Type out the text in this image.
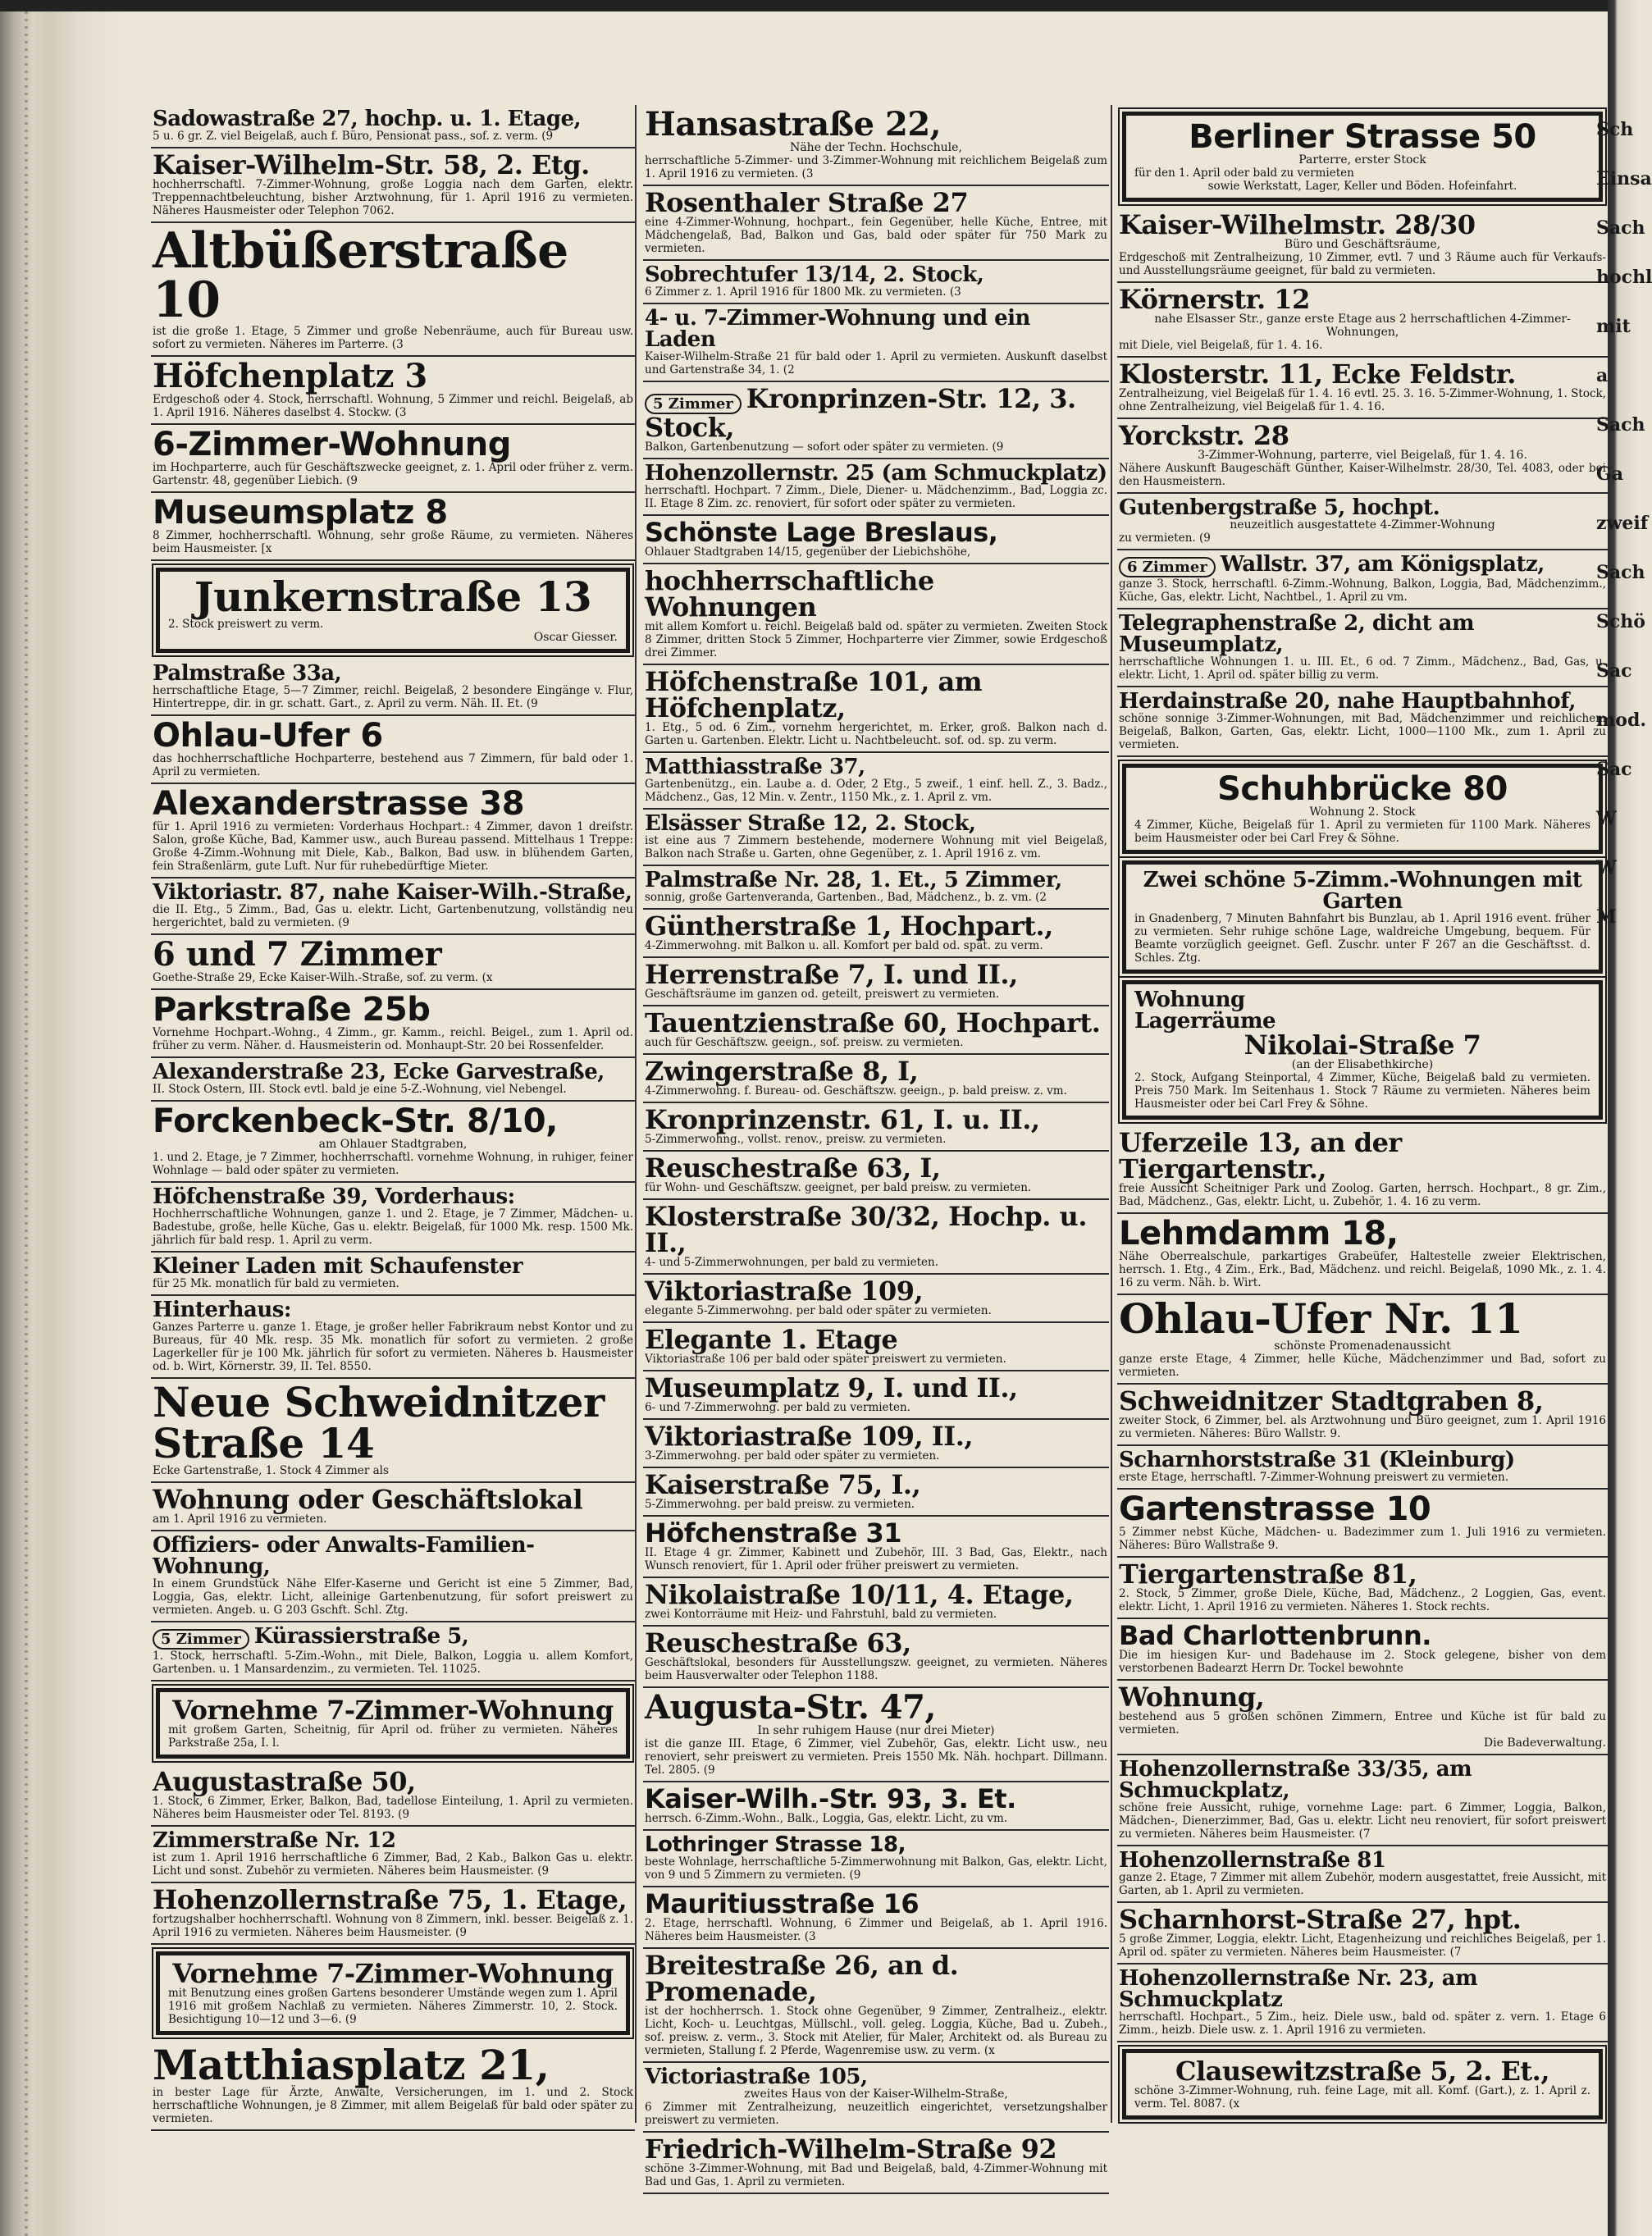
Sadowastraße 27, hochp. u. 1. Etage,
5 u. 6 gr. Z. viel Beigelaß, auch f. Büro, Pensionat pass., sof. z. verm. (9
Kaiser-Wilhelm-Str. 58, 2. Etg.
hochherrschaftl. 7-Zimmer-Wohnung, große Loggia nach dem Garten, elektr. Treppennachtbeleuchtung, bisher Arztwohnung, für 1. April 1916 zu vermieten. Näheres Hausmeister oder Telephon 7062.
Altbüßerstraße 10
ist die große 1. Etage, 5 Zimmer und große Nebenräume, auch für Bureau usw. sofort zu vermieten. Näheres im Parterre. (3
Höfchenplatz 3
Erdgeschoß oder 4. Stock, herrschaftl. Wohnung, 5 Zimmer und reichl. Beigelaß, ab 1. April 1916. Näheres daselbst 4. Stockw. (3
6-Zimmer-Wohnung
im Hochparterre, auch für Geschäftszwecke geeignet, z. 1. April oder früher z. verm. Gartenstr. 48, gegenüber Liebich. (9
Museumsplatz 8
8 Zimmer, hochherrschaftl. Wohnung, sehr große Räume, zu vermieten. Näheres beim Hausmeister. [x
Junkernstraße 13
2. Stock preiswert zu verm.
Oscar Giesser.
Palmstraße 33a,
herrschaftliche Etage, 5—7 Zimmer, reichl. Beigelaß, 2 besondere Eingänge v. Flur, Hintertreppe, dir. in gr. schatt. Gart., z. April zu verm. Näh. II. Et. (9
Ohlau-Ufer 6
das hochherrschaftliche Hochparterre, bestehend aus 7 Zimmern, für bald oder 1. April zu vermieten.
Alexanderstrasse 38
für 1. April 1916 zu vermieten: Vorderhaus Hochpart.: 4 Zimmer, davon 1 dreifstr. Salon, große Küche, Bad, Kammer usw., auch Bureau passend. Mittelhaus 1 Treppe: Große 4-Zimm.-Wohnung mit Diele, Kab., Balkon, Bad usw. in blühendem Garten, fein Straßenlärm, gute Luft. Nur für ruhebedürftige Mieter.
Viktoriastr. 87, nahe Kaiser-Wilh.-Straße,
die II. Etg., 5 Zimm., Bad, Gas u. elektr. Licht, Gartenbenutzung, vollständig neu hergerichtet, bald zu vermieten. (9
6 und 7 Zimmer
Goethe-Straße 29, Ecke Kaiser-Wilh.-Straße, sof. zu verm. (x
Parkstraße 25b
Vornehme Hochpart.-Wohng., 4 Zimm., gr. Kamm., reichl. Beigel., zum 1. April od. früher zu verm. Näher. d. Hausmeisterin od. Monhaupt-Str. 20 bei Rossenfelder.
Alexanderstraße 23, Ecke Garvestraße,
II. Stock Ostern, III. Stock evtl. bald je eine 5-Z.-Wohnung, viel Nebengel.
Forckenbeck-Str. 8/10,
am Ohlauer Stadtgraben,
1. und 2. Etage, je 7 Zimmer, hochherrschaftl. vornehme Wohnung, in ruhiger, feiner Wohnlage — bald oder später zu vermieten.
Höfchenstraße 39, Vorderhaus:
Hochherrschaftliche Wohnungen, ganze 1. und 2. Etage, je 7 Zimmer, Mädchen- u. Badestube, große, helle Küche, Gas u. elektr. Beigelaß, für 1000 Mk. resp. 1500 Mk. jährlich für bald resp. 1. April zu verm.
Kleiner Laden mit Schaufenster
für 25 Mk. monatlich für bald zu vermieten.
Hinterhaus:
Ganzes Parterre u. ganze 1. Etage, je großer heller Fabrikraum nebst Kontor und zu Bureaus, für 40 Mk. resp. 35 Mk. monatlich für sofort zu vermieten. 2 große Lagerkeller für je 100 Mk. jährlich für sofort zu vermieten. Näheres b. Hausmeister od. b. Wirt, Körnerstr. 39, II. Tel. 8550.
Neue Schweidnitzer Straße 14
Ecke Gartenstraße, 1. Stock 4 Zimmer als
Wohnung oder Geschäftslokal
am 1. April 1916 zu vermieten.
Offiziers- oder Anwalts-Familien-Wohnung,
In einem Grundstück Nähe Elfer-Kaserne und Gericht ist eine 5 Zimmer, Bad, Loggia, Gas, elektr. Licht, alleinige Gartenbenutzung, für sofort preiswert zu vermieten. Angeb. u. G 203 Gschft. Schl. Ztg.
5 Zimmer Kürassierstraße 5,
1. Stock, herrschaftl. 5-Zim.-Wohn., mit Diele, Balkon, Loggia u. allem Komfort, Gartenben. u. 1 Mansardenzim., zu vermieten. Tel. 11025.
Vornehme 7-Zimmer-Wohnung
mit großem Garten, Scheitnig, für April od. früher zu vermieten. Näheres Parkstraße 25a, I. l.
Augustastraße 50,
1. Stock, 6 Zimmer, Erker, Balkon, Bad, tadellose Einteilung, 1. April zu vermieten. Näheres beim Hausmeister oder Tel. 8193. (9
Zimmerstraße Nr. 12
ist zum 1. April 1916 herrschaftliche 6 Zimmer, Bad, 2 Kab., Balkon Gas u. elektr. Licht und sonst. Zubehör zu vermieten. Näheres beim Hausmeister. (9
Hohenzollernstraße 75, 1. Etage,
fortzugshalber hochherrschaftl. Wohnung von 8 Zimmern, inkl. besser. Beigelaß z. 1. April 1916 zu vermieten. Näheres beim Hausmeister. (9
Vornehme 7-Zimmer-Wohnung
mit Benutzung eines großen Gartens besonderer Umstände wegen zum 1. April 1916 mit großem Nachlaß zu vermieten. Näheres Zimmerstr. 10, 2. Stock. Besichtigung 10—12 und 3—6. (9
Matthiasplatz 21,
in bester Lage für Ärzte, Anwälte, Versicherungen, im 1. und 2. Stock herrschaftliche Wohnungen, je 8 Zimmer, mit allem Beigelaß für bald oder später zu vermieten.
Hansastraße 22,
Nähe der Techn. Hochschule,
herrschaftliche 5-Zimmer- und 3-Zimmer-Wohnung mit reichlichem Beigelaß zum 1. April 1916 zu vermieten. (3
Rosenthaler Straße 27
eine 4-Zimmer-Wohnung, hochpart., fein Gegenüber, helle Küche, Entree, mit Mädchengelaß, Bad, Balkon und Gas, bald oder später für 750 Mark zu vermieten.
Sobrechtufer 13/14, 2. Stock,
6 Zimmer z. 1. April 1916 für 1800 Mk. zu vermieten. (3
4- u. 7-Zimmer-Wohnung und ein Laden
Kaiser-Wilhelm-Straße 21 für bald oder 1. April zu vermieten. Auskunft daselbst und Gartenstraße 34, 1. (2
5 Zimmer Kronprinzen-Str. 12, 3. Stock,
Balkon, Gartenbenutzung — sofort oder später zu vermieten. (9
Hohenzollernstr. 25 (am Schmuckplatz)
herrschaftl. Hochpart. 7 Zimm., Diele, Diener- u. Mädchenzimm., Bad, Loggia zc. II. Etage 8 Zim. zc. renoviert, für sofort oder später zu vermieten.
Schönste Lage Breslaus,
Ohlauer Stadtgraben 14/15, gegenüber der Liebichshöhe,
hochherrschaftliche Wohnungen
mit allem Komfort u. reichl. Beigelaß bald od. später zu vermieten. Zweiten Stock 8 Zimmer, dritten Stock 5 Zimmer, Hochparterre vier Zimmer, sowie Erdgeschoß drei Zimmer.
Höfchenstraße 101, am Höfchenplatz,
1. Etg., 5 od. 6 Zim., vornehm hergerichtet, m. Erker, groß. Balkon nach d. Garten u. Gartenben. Elektr. Licht u. Nachtbeleucht. sof. od. sp. zu verm.
Matthiasstraße 37,
Gartenbenützg., ein. Laube a. d. Oder, 2 Etg., 5 zweif., 1 einf. hell. Z., 3. Badz., Mädchenz., Gas, 12 Min. v. Zentr., 1150 Mk., z. 1. April z. vm.
Elsässer Straße 12, 2. Stock,
ist eine aus 7 Zimmern bestehende, modernere Wohnung mit viel Beigelaß, Balkon nach Straße u. Garten, ohne Gegenüber, z. 1. April 1916 z. vm.
Palmstraße Nr. 28, 1. Et., 5 Zimmer,
sonnig, große Gartenveranda, Gartenben., Bad, Mädchenz., b. z. vm. (2
Güntherstraße 1, Hochpart.,
4-Zimmerwohng. mit Balkon u. all. Komfort per bald od. spät. zu verm.
Herrenstraße 7, I. und II.,
Geschäftsräume im ganzen od. geteilt, preiswert zu vermieten.
Tauentzienstraße 60, Hochpart.
auch für Geschäftszw. geeign., sof. preisw. zu vermieten.
Zwingerstraße 8, I,
4-Zimmerwohng. f. Bureau- od. Geschäftszw. geeign., p. bald preisw. z. vm.
Kronprinzenstr. 61, I. u. II.,
5-Zimmerwohng., vollst. renov., preisw. zu vermieten.
Reuschestraße 63, I,
für Wohn- und Geschäftszw. geeignet, per bald preisw. zu vermieten.
Klosterstraße 30/32, Hochp. u. II.,
4- und 5-Zimmerwohnungen, per bald zu vermieten.
Viktoriastraße 109,
elegante 5-Zimmerwohng. per bald oder später zu vermieten.
Elegante 1. Etage
Viktoriastraße 106 per bald oder später preiswert zu vermieten.
Museumplatz 9, I. und II.,
6- und 7-Zimmerwohng. per bald zu vermieten.
Viktoriastraße 109, II.,
3-Zimmerwohng. per bald oder später zu vermieten.
Kaiserstraße 75, I.,
5-Zimmerwohng. per bald preisw. zu vermieten.
Höfchenstraße 31
II. Etage 4 gr. Zimmer, Kabinett und Zubehör, III. 3 Bad, Gas, Elektr., nach Wunsch renoviert, für 1. April oder früher preiswert zu vermieten.
Nikolaistraße 10/11, 4. Etage,
zwei Kontorräume mit Heiz- und Fahrstuhl, bald zu vermieten.
Reuschestraße 63,
Geschäftslokal, besonders für Ausstellungszw. geeignet, zu vermieten. Näheres beim Hausverwalter oder Telephon 1188.
Augusta-Str. 47,
In sehr ruhigem Hause (nur drei Mieter)
ist die ganze III. Etage, 6 Zimmer, viel Zubehör, Gas, elektr. Licht usw., neu renoviert, sehr preiswert zu vermieten. Preis 1550 Mk. Näh. hochpart. Dillmann. Tel. 2805. (9
Kaiser-Wilh.-Str. 93, 3. Et.
herrsch. 6-Zimm.-Wohn., Balk., Loggia, Gas, elektr. Licht, zu vm.
Lothringer Strasse 18,
beste Wohnlage, herrschaftliche 5-Zimmerwohnung mit Balkon, Gas, elektr. Licht, von 9 und 5 Zimmern zu vermieten. (9
Mauritiusstraße 16
2. Etage, herrschaftl. Wohnung, 6 Zimmer und Beigelaß, ab 1. April 1916. Näheres beim Hausmeister. (3
Breitestraße 26, an d. Promenade,
ist der hochherrsch. 1. Stock ohne Gegenüber, 9 Zimmer, Zentralheiz., elektr. Licht, Koch- u. Leuchtgas, Müllschl., voll. geleg. Loggia, Küche, Bad u. Zubeh., sof. preisw. z. verm., 3. Stock mit Atelier, für Maler, Architekt od. als Bureau zu vermieten, Stallung f. 2 Pferde, Wagenremise usw. zu verm. (x
Victoriastraße 105,
zweites Haus von der Kaiser-Wilhelm-Straße,
6 Zimmer mit Zentralheizung, neuzeitlich eingerichtet, versetzungshalber preiswert zu vermieten.
Friedrich-Wilhelm-Straße 92
schöne 3-Zimmer-Wohnung, mit Bad und Beigelaß, bald, 4-Zimmer-Wohnung mit Bad und Gas, 1. April zu vermieten.
Berliner Strasse 50
Parterre, erster Stock
für den 1. April oder bald zu vermieten
sowie Werkstatt, Lager, Keller und Böden. Hofeinfahrt.
Kaiser-Wilhelmstr. 28/30
Büro und Geschäftsräume,
Erdgeschoß mit Zentralheizung, 10 Zimmer, evtl. 7 und 3 Räume auch für Verkaufs- und Ausstellungsräume geeignet, für bald zu vermieten.
Körnerstr. 12
nahe Elsasser Str., ganze erste Etage aus 2 herrschaftlichen 4-Zimmer-Wohnungen,
mit Diele, viel Beigelaß, für 1. 4. 16.
Klosterstr. 11, Ecke Feldstr.
Zentralheizung, viel Beigelaß für 1. 4. 16 evtl. 25. 3. 16. 5-Zimmer-Wohnung, 1. Stock, ohne Zentralheizung, viel Beigelaß für 1. 4. 16.
Yorckstr. 28
3-Zimmer-Wohnung, parterre, viel Beigelaß, für 1. 4. 16.
Nähere Auskunft Baugeschäft Günther, Kaiser-Wilhelmstr. 28/30, Tel. 4083, oder bei den Hausmeistern.
Gutenbergstraße 5, hochpt.
neuzeitlich ausgestattete 4-Zimmer-Wohnung
zu vermieten. (9
6 Zimmer Wallstr. 37, am Königsplatz,
ganze 3. Stock, herrschaftl. 6-Zimm.-Wohnung, Balkon, Loggia, Bad, Mädchenzimm., Küche, Gas, elektr. Licht, Nachtbel., 1. April zu vm.
Telegraphenstraße 2, dicht am Museumplatz,
herrschaftliche Wohnungen 1. u. III. Et., 6 od. 7 Zimm., Mädchenz., Bad, Gas, u. elektr. Licht, 1. April od. später billig zu verm.
Herdainstraße 20, nahe Hauptbahnhof,
schöne sonnige 3-Zimmer-Wohnungen, mit Bad, Mädchenzimmer und reichlichem Beigelaß, Balkon, Garten, Gas, elektr. Licht, 1000—1100 Mk., zum 1. April zu vermieten.
Schuhbrücke 80
Wohnung 2. Stock
4 Zimmer, Küche, Beigelaß für 1. April zu vermieten für 1100 Mark. Näheres beim Hausmeister oder bei Carl Frey & Söhne.
Zwei schöne 5-Zimm.-Wohnungen mit Garten
in Gnadenberg, 7 Minuten Bahnfahrt bis Bunzlau, ab 1. April 1916 event. früher zu vermieten. Sehr ruhige schöne Lage, waldreiche Umgebung, bequem. Für Beamte vorzüglich geeignet. Gefl. Zuschr. unter F 267 an die Geschäftsst. d. Schles. Ztg.
Wohnung
Lagerräume
Nikolai-Straße 7
(an der Elisabethkirche)
2. Stock, Aufgang Steinportal, 4 Zimmer, Küche, Beigelaß bald zu vermieten. Preis 750 Mark. Im Seitenhaus 1. Stock 7 Räume zu vermieten. Näheres beim Hausmeister oder bei Carl Frey & Söhne.
Uferzeile 13, an der Tiergartenstr.,
freie Aussicht Scheitniger Park und Zoolog. Garten, herrsch. Hochpart., 8 gr. Zim., Bad, Mädchenz., Gas, elektr. Licht, u. Zubehör, 1. 4. 16 zu verm.
Lehmdamm 18,
Nähe Oberrealschule, parkartiges Grabeüfer, Haltestelle zweier Elektrischen, herrsch. 1. Etg., 4 Zim., Erk., Bad, Mädchenz. und reichl. Beigelaß, 1090 Mk., z. 1. 4. 16 zu verm. Näh. b. Wirt.
Ohlau-Ufer Nr. 11
schönste Promenadenaussicht
ganze erste Etage, 4 Zimmer, helle Küche, Mädchenzimmer und Bad, sofort zu vermieten.
Schweidnitzer Stadtgraben 8,
zweiter Stock, 6 Zimmer, bel. als Arztwohnung und Büro geeignet, zum 1. April 1916 zu vermieten. Näheres: Büro Wallstr. 9.
Scharnhorststraße 31 (Kleinburg)
erste Etage, herrschaftl. 7-Zimmer-Wohnung preiswert zu vermieten.
Gartenstrasse 10
5 Zimmer nebst Küche, Mädchen- u. Badezimmer zum 1. Juli 1916 zu vermieten. Näheres: Büro Wallstraße 9.
Tiergartenstraße 81,
2. Stock, 5 Zimmer, große Diele, Küche, Bad, Mädchenz., 2 Loggien, Gas, event. elektr. Licht, 1. April 1916 zu vermieten. Näheres 1. Stock rechts.
Bad Charlottenbrunn.
Die im hiesigen Kur- und Badehause im 2. Stock gelegene, bisher von dem verstorbenen Badearzt Herrn Dr. Tockel bewohnte
Wohnung,
bestehend aus 5 großen schönen Zimmern, Entree und Küche ist für bald zu vermieten.
Die Badeverwaltung.
Hohenzollernstraße 33/35, am Schmuckplatz,
schöne freie Aussicht, ruhige, vornehme Lage: part. 6 Zimmer, Loggia, Balkon, Mädchen-, Dienerzimmer, Bad, Gas u. elektr. Licht neu renoviert, für sofort preiswert zu vermieten. Näheres beim Hausmeister. (7
Hohenzollernstraße 81
ganze 2. Etage, 7 Zimmer mit allem Zubehör, modern ausgestattet, freie Aussicht, mit Garten, ab 1. April zu vermieten.
Scharnhorst-Straße 27, hpt.
5 große Zimmer, Loggia, elektr. Licht, Etagenheizung und reichliches Beigelaß, per 1. April od. später zu vermieten. Näheres beim Hausmeister. (7
Hohenzollernstraße Nr. 23, am Schmuckplatz
herrschaftl. Hochpart., 5 Zim., heiz. Diele usw., bald od. später z. vern. 1. Etage 6 Zimm., heizb. Diele usw. z. 1. April 1916 zu vermieten.
Clausewitzstraße 5, 2. Et.,
schöne 3-Zimmer-Wohnung, ruh. feine Lage, mit all. Komf. (Gart.), z. 1. April z. verm. Tel. 8087. (x
Sch
Einsa
Sach
hochl
mit a
Sach
Ga
zweif
Sach
Schö
Sac
mod.
Sac
W
W
M
